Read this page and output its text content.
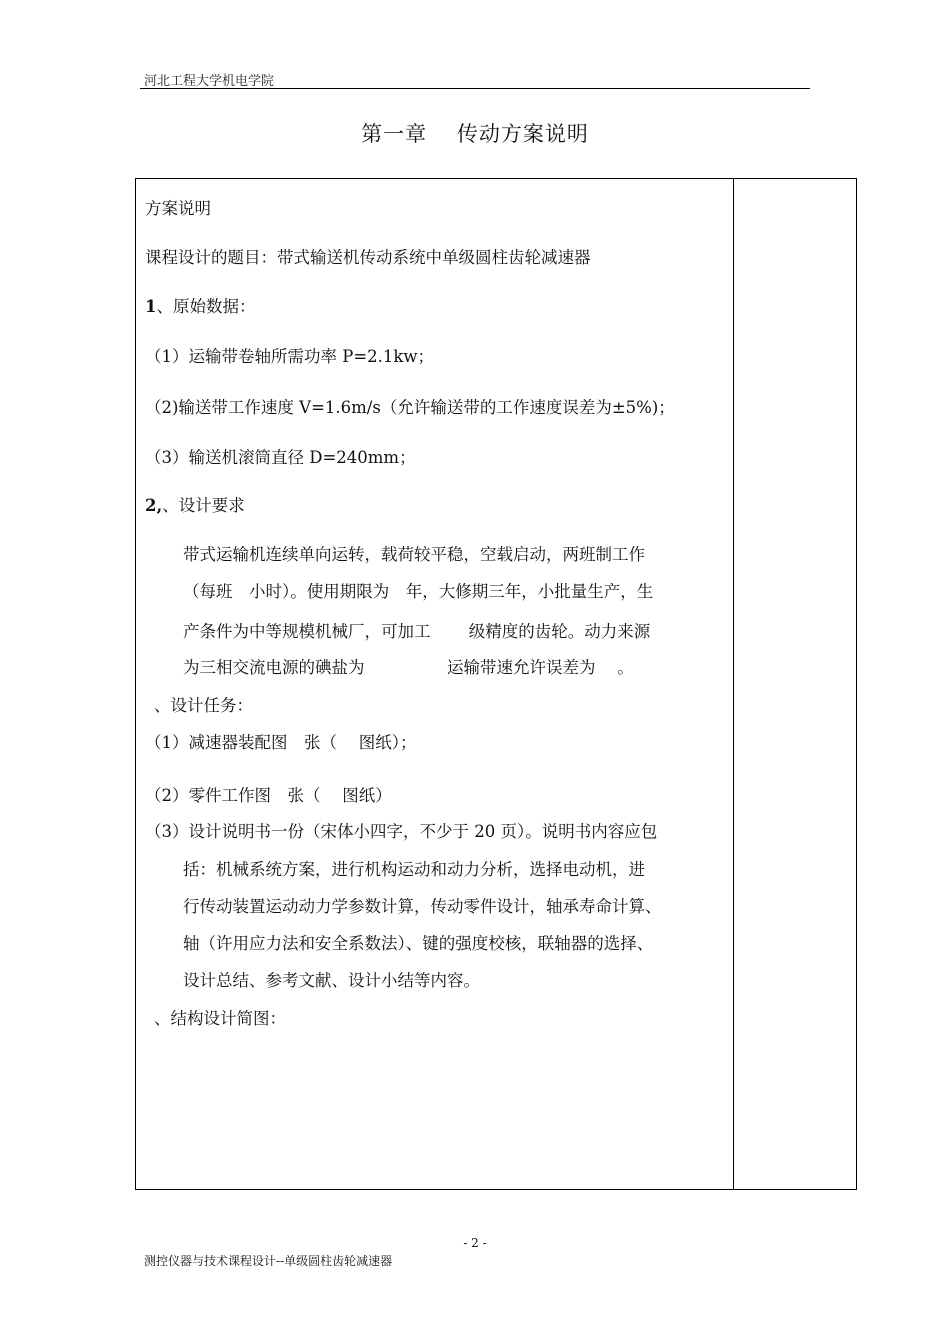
河北工程大学机电学院
第一章　 传动方案说明
方案说明
课程设计的题目：带式输送机传动系统中单级圆柱齿轮减速器
1、原始数据：
（1）运输带卷轴所需功率 P=2.1kw；
（2)输送带工作速度 V=1.6m/s（允许输送带的工作速度误差为±5%)；
（3）输送机滚筒直径 D=240mm；
2,、设计要求
带式运输机连续单向运转，载荷较平稳，空载启动，两班制工作
（每班　小时）。使用期限为　年，大修期三年，小批量生产，生
产条件为中等规模机械厂，可加工　　 级精度的齿轮。动力来源
为三相交流电源的碘盐为　　　　　运输带速允许误差为　 。
、设计任务：
（1）减速器装配图　张（　 图纸）；
（2）零件工作图　张（　 图纸）
（3）设计说明书一份（宋体小四字，不少于 20 页）。说明书内容应包
括：机械系统方案，进行机构运动和动力分析，选择电动机，进
行传动装置运动动力学参数计算，传动零件设计，轴承寿命计算、
轴（许用应力法和安全系数法）、键的强度校核，联轴器的选择、
设计总结、参考文献、设计小结等内容。
、结构设计简图：
- 2 -
测控仪器与技术课程设计--单级圆柱齿轮减速器
